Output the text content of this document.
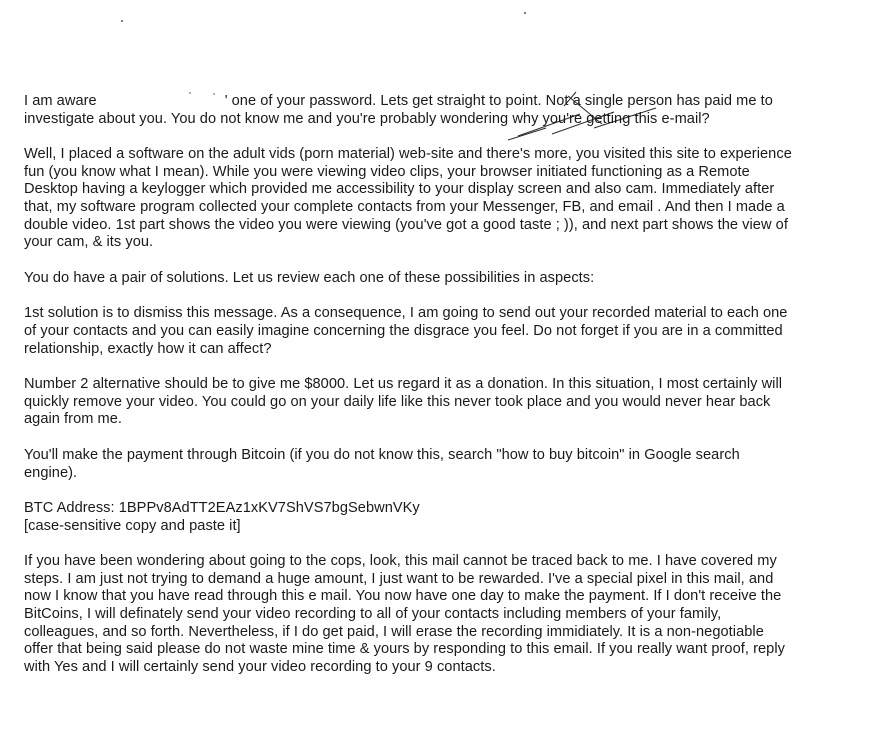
I am aware	' one of your password. Lets get straight to point. Not a single person has paid me to
investigate about you. You do not know me and you're probably wondering why you're getting this e-mail?

Well, I placed a software on the adult vids (porn material) web-site and there's more, you visited this site to experience
fun (you know what I mean). While you were viewing video clips, your browser initiated functioning as a Remote
Desktop having a keylogger which provided me accessibility to your display screen and also cam. Immediately after
that, my software program collected your complete contacts from your Messenger, FB, and email . And then I made a
double video. 1st part shows the video you were viewing (you've got a good taste ; )), and next part shows the view of
your cam, & its you.

You do have a pair of solutions. Let us review each one of these possibilities in aspects:

1st solution is to dismiss this message. As a consequence, I am going to send out your recorded material to each one
of your contacts and you can easily imagine concerning the disgrace you feel. Do not forget if you are in a committed
relationship, exactly how it can affect?

Number 2 alternative should be to give me $8000. Let us regard it as a donation. In this situation, I most certainly will
quickly remove your video. You could go on your daily life like this never took place and you would never hear back
again from me.

You'll make the payment through Bitcoin (if you do not know this, search "how to buy bitcoin" in Google search
engine).

BTC Address: 1BPPv8AdTT2EAz1xKV7ShVS7bgSebwnVKy
[case-sensitive copy and paste it]

If you have been wondering about going to the cops, look, this mail cannot be traced back to me. I have covered my
steps. I am just not trying to demand a huge amount, I just want to be rewarded. I've a special pixel in this mail, and
now I know that you have read through this e mail. You now have one day to make the payment. If I don't receive the
BitCoins, I will definately send your video recording to all of your contacts including members of your family,
colleagues, and so forth. Nevertheless, if I do get paid, I will erase the recording immidiately. It is a non-negotiable
offer that being said please do not waste mine time & yours by responding to this email. If you really want proof, reply
with Yes and I will certainly send your video recording to your 9 contacts.
